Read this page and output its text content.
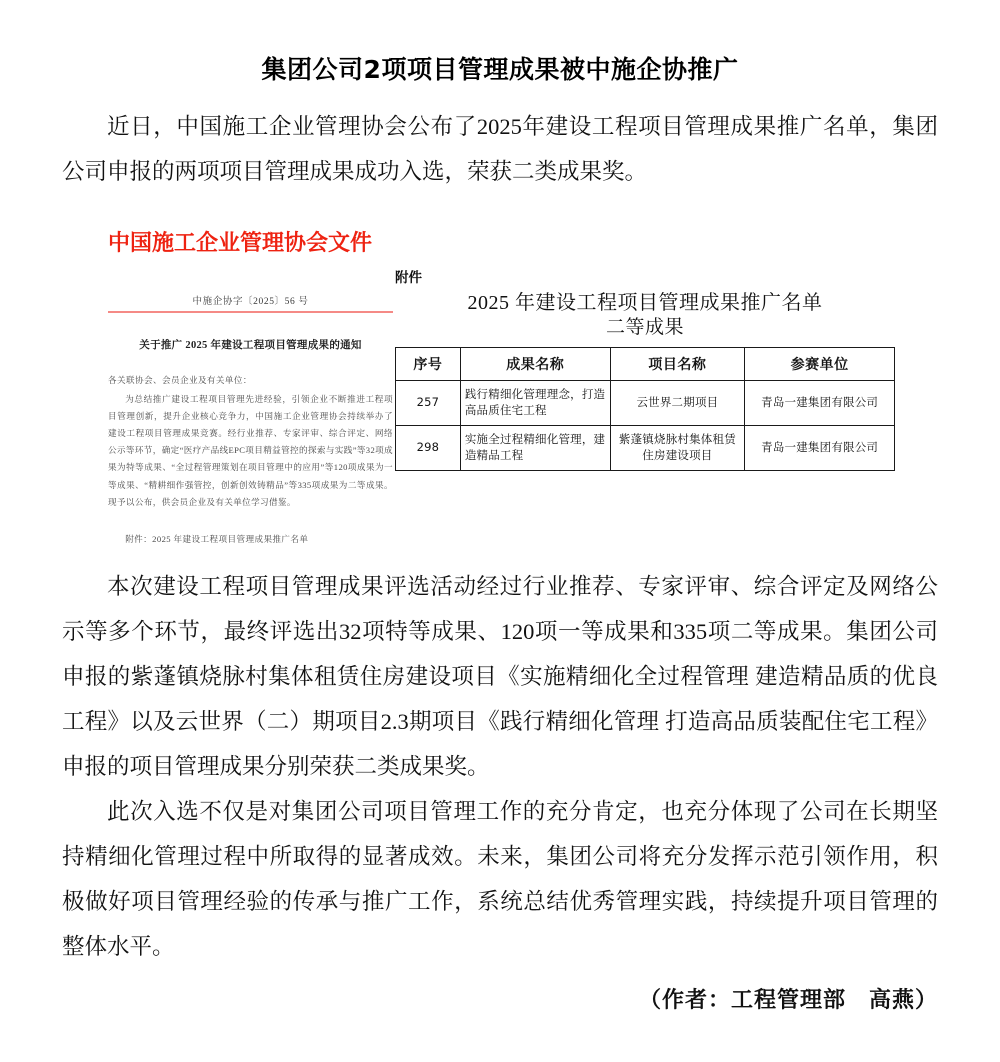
集团公司2项项目管理成果被中施企协推广

近日，中国施工企业管理协会公布了2025年建设工程项目管理成果推广名单，集团公司申报的两项项目管理成果成功入选，荣获二类成果奖。

中国施工企业管理协会文件
中施企协字〔2025〕56 号
关于推广 2025 年建设工程项目管理成果的通知
各关联协会、会员企业及有关单位：
为总结推广建设工程项目管理先进经验，引领企业不断推进工程项目管理创新，提升企业核心竞争力，中国施工企业管理协会持续举办了建设工程项目管理成果竞赛。经行业推荐、专家评审、综合评定、网络公示等环节，确定“医疗产品线EPC项目精益管控的探索与实践”等32项成果为特等成果、“全过程管理策划在项目管理中的应用”等120项成果为一等成果、“精耕细作强管控，创新创效铸精品”等335项成果为二等成果。现予以公布，供会员企业及有关单位学习借鉴。
附件：2025 年建设工程项目管理成果推广名单
附件
2025 年建设工程项目管理成果推广名单
二等成果
序号	成果名称	项目名称	参赛单位
257	践行精细化管理理念，打造高品质住宅工程	云世界二期项目	青岛一建集团有限公司
298	实施全过程精细化管理，建造精品工程	紫蓬镇烧脉村集体租赁住房建设项目	青岛一建集团有限公司

本次建设工程项目管理成果评选活动经过行业推荐、专家评审、综合评定及网络公示等多个环节，最终评选出32项特等成果、120项一等成果和335项二等成果。集团公司申报的紫蓬镇烧脉村集体租赁住房建设项目《实施精细化全过程管理 建造精品质的优良工程》以及云世界（二）期项目2.3期项目《践行精细化管理 打造高品质装配住宅工程》申报的项目管理成果分别荣获二类成果奖。

此次入选不仅是对集团公司项目管理工作的充分肯定，也充分体现了公司在长期坚持精细化管理过程中所取得的显著成效。未来，集团公司将充分发挥示范引领作用，积极做好项目管理经验的传承与推广工作，系统总结优秀管理实践，持续提升项目管理的整体水平。

（作者：工程管理部　高燕）
